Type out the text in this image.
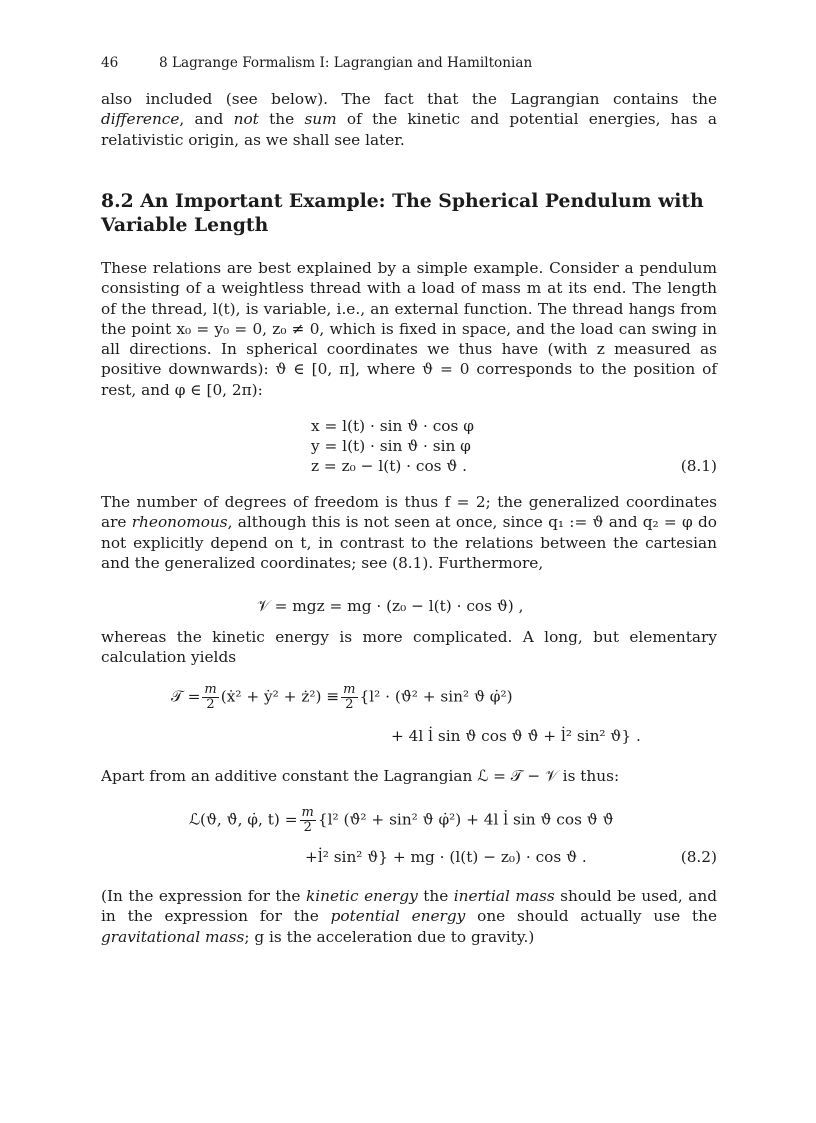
46	8 Lagrange Formalism I: Lagrangian and Hamiltonian

also included (see below). The fact that the Lagrangian contains the difference, and not the sum of the kinetic and potential energies, has a relativistic origin, as we shall see later.

8.2 An Important Example: The Spherical Pendulum with Variable Length

These relations are best explained by a simple example. Consider a pendulum consisting of a weightless thread with a load of mass m at its end. The length of the thread, l(t), is variable, i.e., an external function. The thread hangs from the point x₀ = y₀ = 0, z₀ ≠ 0, which is fixed in space, and the load can swing in all directions. In spherical coordinates we thus have (with z measured as positive downwards): ϑ ∈ [0, π], where ϑ = 0 corresponds to the position of rest, and φ ∈ [0, 2π):

x = l(t) · sin ϑ · cos φ
y = l(t) · sin ϑ · sin φ
z = z₀ − l(t) · cos ϑ .	(8.1)

The number of degrees of freedom is thus f = 2; the generalized coordinates are rheonomous, although this is not seen at once, since q₁ := ϑ and q₂ = φ do not explicitly depend on t, in contrast to the relations between the cartesian and the generalized coordinates; see (8.1). Furthermore,

𝒱 = mgz = mg · (z₀ − l(t) · cos ϑ) ,

whereas the kinetic energy is more complicated. A long, but elementary calculation yields

𝒯 = $\frac{m}{2}$ (ẋ² + ẏ² + ż²) ≡ $\frac{m}{2} \{l^2$ · (ϑ̇² + sin² ϑ φ̇²)
+ 4l l̇ sin ϑ cos ϑ ϑ̇ + l̇² sin² ϑ} .

Apart from an additive constant the Lagrangian ℒ = 𝒯 − 𝒱 is thus:

ℒ(ϑ, ϑ̇, φ̇, $t) = \frac{m}{2} \{l^2$ (ϑ̇² + sin² ϑ φ̇²) + 4l l̇ sin ϑ cos ϑ ϑ̇
+l̇² sin² ϑ} + mg · (l(t) − z₀) · cos ϑ .	(8.2)

(In the expression for the kinetic energy the inertial mass should be used, and in the expression for the potential energy one should actually use the gravitational mass; g is the acceleration due to gravity.)
